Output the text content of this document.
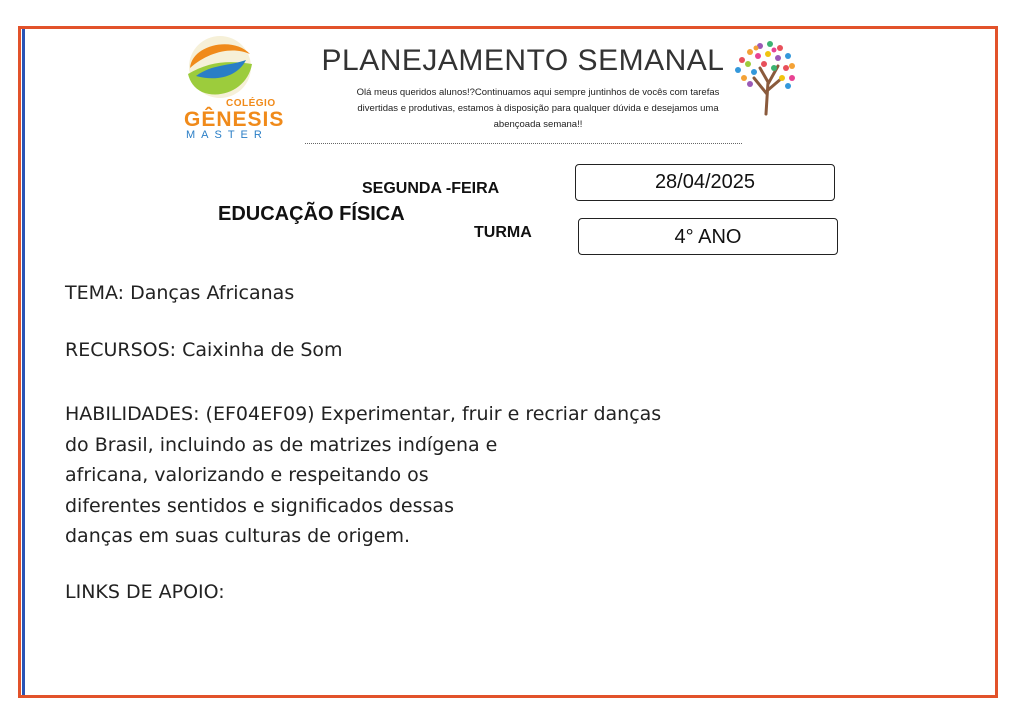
COLÉGIO
GÊNESIS
MASTER
PLANEJAMENTO SEMANAL
Olá meus queridos alunos!?Continuamos aqui sempre juntinhos de vocês com tarefas divertidas e produtivas, estamos à disposição para qualquer dúvida e desejamos uma abençoada semana!!
SEGUNDA -FEIRA	28/04/2025
EDUCAÇÃO FÍSICA
TURMA	4° ANO
TEMA: Danças Africanas
RECURSOS: Caixinha de Som
HABILIDADES: (EF04EF09) Experimentar, fruir e recriar danças
do Brasil, incluindo as de matrizes indígena e
africana, valorizando e respeitando os
diferentes sentidos e significados dessas
danças em suas culturas de origem.
LINKS DE APOIO:
